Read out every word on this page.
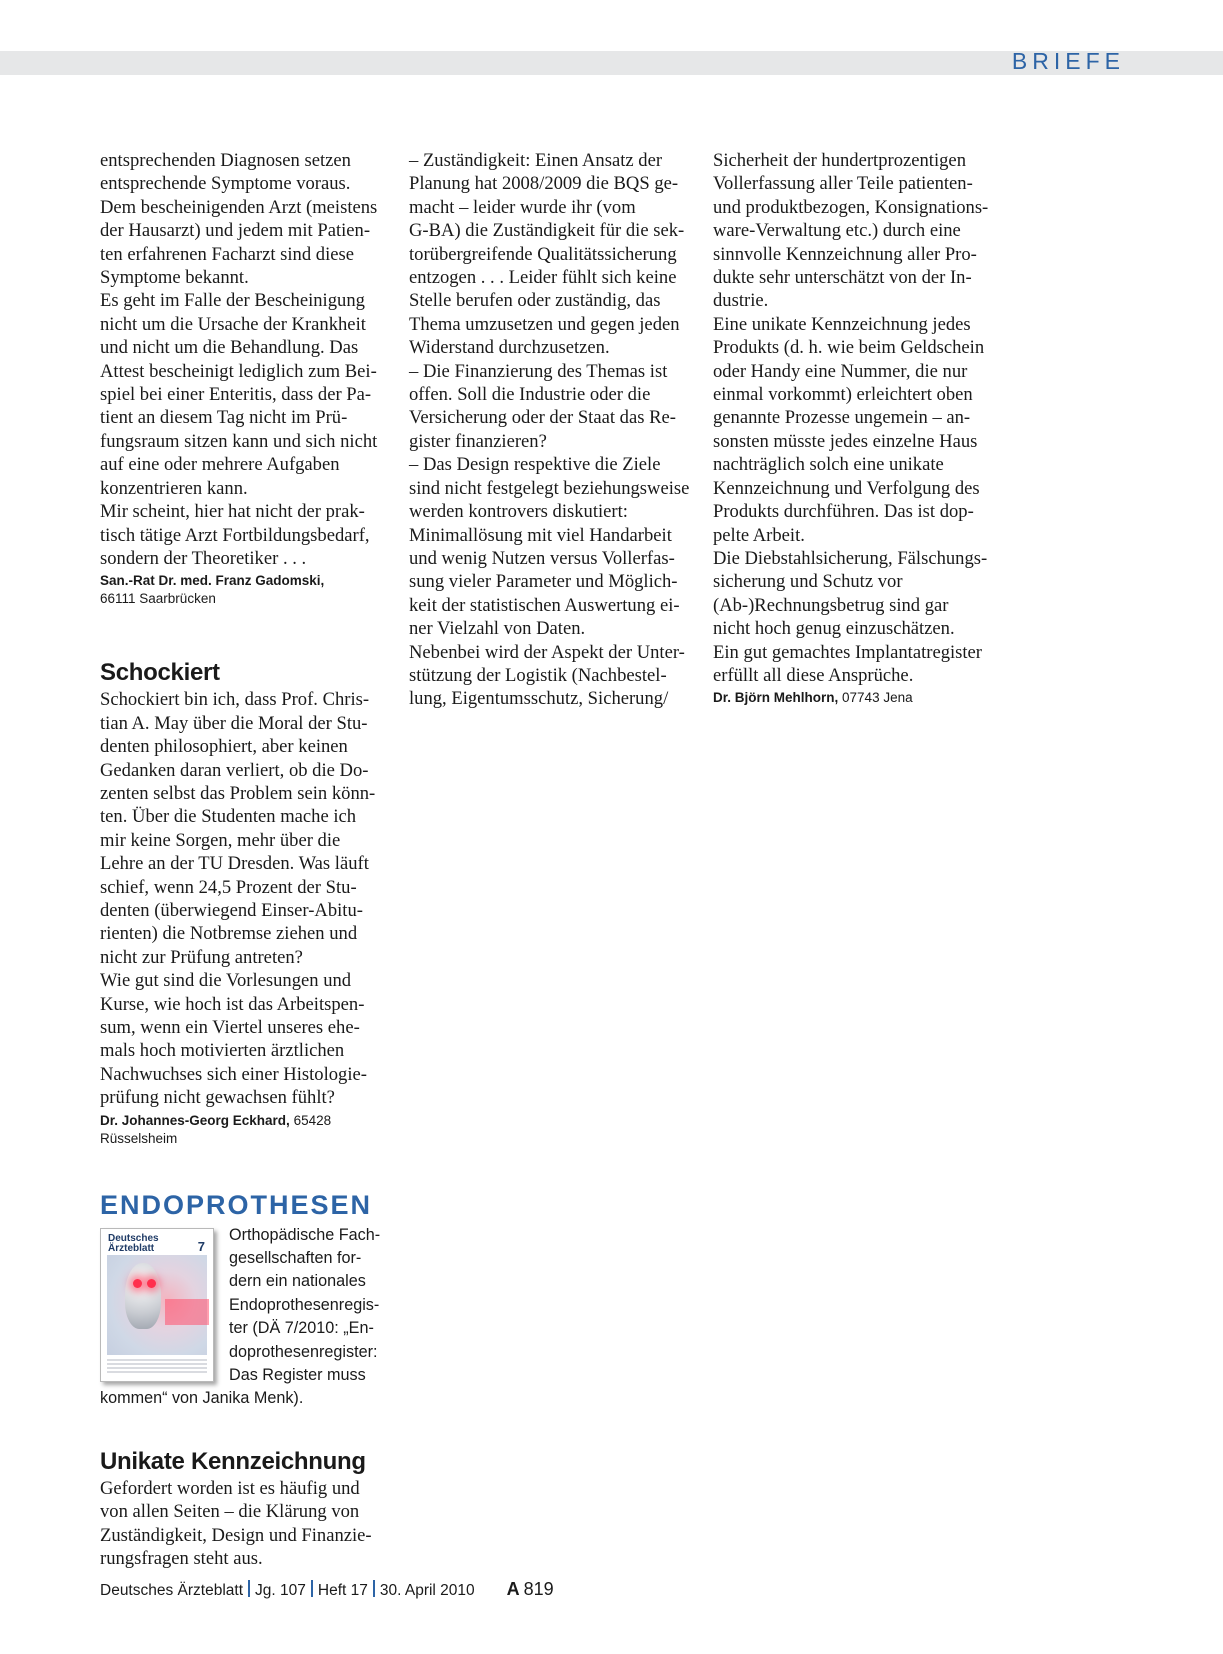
BRIEFE

entsprechenden Diagnosen setzen
entsprechende Symptome voraus.
Dem bescheinigenden Arzt (meistens
der Hausarzt) und jedem mit Patien-
ten erfahrenen Facharzt sind diese
Symptome bekannt.

Es geht im Falle der Bescheinigung
nicht um die Ursache der Krankheit
und nicht um die Behandlung. Das
Attest bescheinigt lediglich zum Bei-
spiel bei einer Enteritis, dass der Pa-
tient an diesem Tag nicht im Prü-
fungsraum sitzen kann und sich nicht
auf eine oder mehrere Aufgaben
konzentrieren kann.

Mir scheint, hier hat nicht der prak-
tisch tätige Arzt Fortbildungsbedarf,
sondern der Theoretiker . . .

San.-Rat Dr. med. Franz Gadomski,
66111 Saarbrücken

Schockiert

Schockiert bin ich, dass Prof. Chris-
tian A. May über die Moral der Stu-
denten philosophiert, aber keinen
Gedanken daran verliert, ob die Do-
zenten selbst das Problem sein könn-
ten. Über die Studenten mache ich
mir keine Sorgen, mehr über die
Lehre an der TU Dresden. Was läuft
schief, wenn 24,5 Prozent der Stu-
denten (überwiegend Einser-Abitu-
rienten) die Notbremse ziehen und
nicht zur Prüfung antreten?

Wie gut sind die Vorlesungen und
Kurse, wie hoch ist das Arbeitspen-
sum, wenn ein Viertel unseres ehe-
mals hoch motivierten ärztlichen
Nachwuchses sich einer Histologie-
prüfung nicht gewachsen fühlt?

Dr. Johannes-Georg Eckhard, 65428 Rüsselsheim

ENDOPROTHESEN
Deutsches
Ärzteblatt	7
Orthopädische Fach-
gesellschaften for-
dern ein nationales
Endoprothesenregis-
ter (DÄ 7/2010: „En-
doprothesenregister:
Das Register muss
kommen“ von Janika Menk).
Unikate Kennzeichnung

Gefordert worden ist es häufig und
von allen Seiten – die Klärung von
Zuständigkeit, Design und Finanzie-
rungsfragen steht aus.

– Zuständigkeit: Einen Ansatz der
Planung hat 2008/2009 die BQS ge-
macht – leider wurde ihr (vom
G-BA) die Zuständigkeit für die sek-
torübergreifende Qualitätssicherung
entzogen . . . Leider fühlt sich keine
Stelle berufen oder zuständig, das
Thema umzusetzen und gegen jeden
Widerstand durchzusetzen.

– Die Finanzierung des Themas ist
offen. Soll die Industrie oder die
Versicherung oder der Staat das Re-
gister finanzieren?

– Das Design respektive die Ziele
sind nicht festgelegt beziehungsweise
werden kontrovers diskutiert:
Minimallösung mit viel Handarbeit
und wenig Nutzen versus Vollerfas-
sung vieler Parameter und Möglich-
keit der statistischen Auswertung ei-
ner Vielzahl von Daten.

Nebenbei wird der Aspekt der Unter-
stützung der Logistik (Nachbestel-
lung, Eigentumsschutz, Sicherung/

Sicherheit der hundertprozentigen
Vollerfassung aller Teile patienten-
und produktbezogen, Konsignations-
ware-Verwaltung etc.) durch eine
sinnvolle Kennzeichnung aller Pro-
dukte sehr unterschätzt von der In-
dustrie.

Eine unikate Kennzeichnung jedes
Produkts (d. h. wie beim Geldschein
oder Handy eine Nummer, die nur
einmal vorkommt) erleichtert oben
genannte Prozesse ungemein – an-
sonsten müsste jedes einzelne Haus
nachträglich solch eine unikate
Kennzeichnung und Verfolgung des
Produkts durchführen. Das ist dop-
pelte Arbeit.

Die Diebstahlsicherung, Fälschungs-
sicherung und Schutz vor
(Ab-)Rechnungsbetrug sind gar
nicht hoch genug einzuschätzen.

Ein gut gemachtes Implantatregister
erfüllt all diese Ansprüche.

Dr. Björn Mehlhorn, 07743 Jena

Deutsches Ärzteblatt Jg. 107 Heft 17 30. April 2010 A 819
